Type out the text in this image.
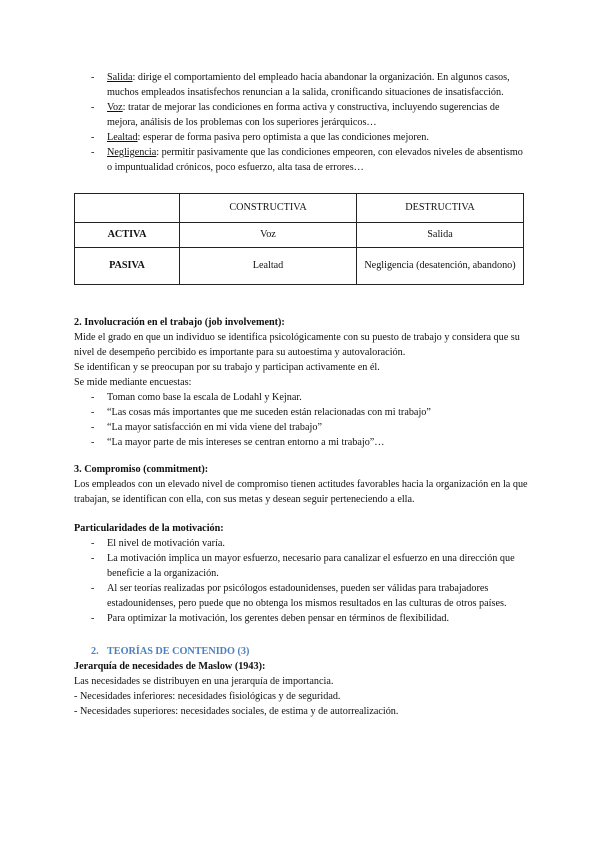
- Salida: dirige el comportamiento del empleado hacia abandonar la organización. En algunos casos, muchos empleados insatisfechos renuncian a la salida, cronificando situaciones de insatisfacción.
- Voz: tratar de mejorar las condiciones en forma activa y constructiva, incluyendo sugerencias de mejora, análisis de los problemas con los superiores jerárquicos…
- Lealtad: esperar de forma pasiva pero optimista a que las condiciones mejoren.
- Negligencia: permitir pasivamente que las condiciones empeoren, con elevados niveles de absentismo o impuntualidad crónicos, poco esfuerzo, alta tasa de errores…
	CONSTRUCTIVA	DESTRUCTIVA
ACTIVA	Voz	Salida
PASIVA	Lealtad	Negligencia (desatención, abandono)

2. Involucración en el trabajo (job involvement):

Mide el grado en que un individuo se identifica psicológicamente con su puesto de trabajo y considera que su nivel de desempeño percibido es importante para su autoestima y autovaloración.

Se identifican y se preocupan por su trabajo y participan activamente en él.

Se mide mediante encuestas:

- Toman como base la escala de Lodahl y Kejnar.
- “Las cosas más importantes que me suceden están relacionadas con mi trabajo”
- “La mayor satisfacción en mi vida viene del trabajo”
- “La mayor parte de mis intereses se centran entorno a mi trabajo”…

3. Compromiso (commitment):

Los empleados con un elevado nivel de compromiso tienen actitudes favorables hacia la organización en la que trabajan, se identifican con ella, con sus metas y desean seguir perteneciendo a ella.

Particularidades de la motivación:

- El nivel de motivación varía.
- La motivación implica un mayor esfuerzo, necesario para canalizar el esfuerzo en una dirección que beneficie a la organización.
- Al ser teorías realizadas por psicólogos estadounidenses, pueden ser válidas para trabajadores estadounidenses, pero puede que no obtenga los mismos resultados en las culturas de otros países.
- Para optimizar la motivación, los gerentes deben pensar en términos de flexibilidad.
2. TEORÍAS DE CONTENIDO (3)

Jerarquía de necesidades de Maslow (1943):

Las necesidades se distribuyen en una jerarquía de importancia.

- Necesidades inferiores: necesidades fisiológicas y de seguridad.

- Necesidades superiores: necesidades sociales, de estima y de autorrealización.
